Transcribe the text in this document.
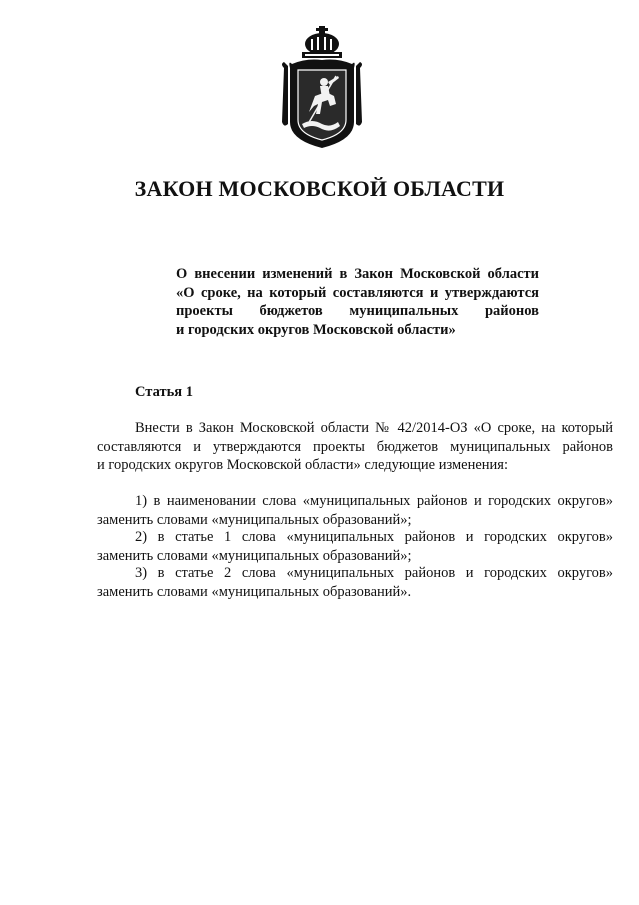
ЗАКОН МОСКОВСКОЙ ОБЛАСТИ
О внесении изменений в Закон Московской области
«О сроке, на который составляются и утверждаются
проекты бюджетов муниципальных районов
и городских округов Московской области»
Статья 1
Внести в Закон Московской области № 42/2014-ОЗ «О сроке, на который
составляются и утверждаются проекты бюджетов муниципальных районов
и городских округов Московской области» следующие изменения:
1) в наименовании слова «муниципальных районов и городских округов»
заменить словами «муниципальных образований»;
2) в статье 1 слова «муниципальных районов и городских округов»
заменить словами «муниципальных образований»;
3) в статье 2 слова «муниципальных районов и городских округов»
заменить словами «муниципальных образований».
